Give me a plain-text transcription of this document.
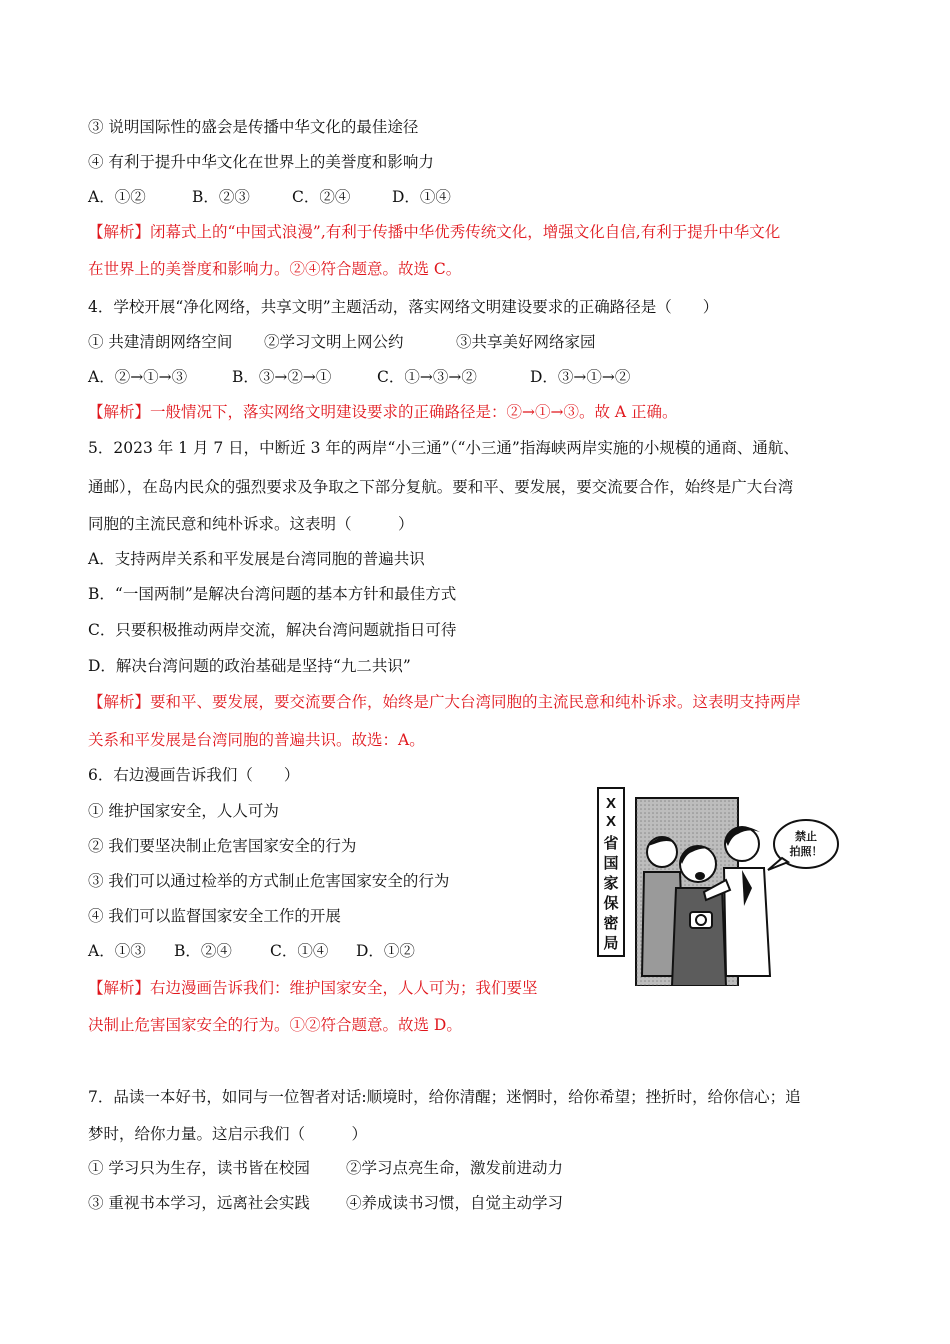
③ 说明国际性的盛会是传播中华文化的最佳途径
④ 有利于提升中华文化在世界上的美誉度和影响力
A．①②	B．②③	C．②④	D．①④
【解析】闭幕式上的“中国式浪漫”,有利于传播中华优秀传统文化，增强文化自信,有利于提升中华文化
在世界上的美誉度和影响力。②④符合题意。故选 C。
4．学校开展“净化网络，共享文明”主题活动，落实网络文明建设要求的正确路径是（　　）
① 共建清朗网络空间 ②学习文明上网公约	③共享美好网络家园
A．②→①→③	B．③→②→①	C．①→③→②	D．③→①→②
【解析】一般情况下，落实网络文明建设要求的正确路径是：②→①→③。故 A 正确。
5．2023 年 1 月 7 日，中断近 3 年的两岸“小三通”（“小三通”指海峡两岸实施的小规模的通商、通航、
通邮），在岛内民众的强烈要求及争取之下部分复航。要和平、要发展，要交流要合作，始终是广大台湾
同胞的主流民意和纯朴诉求。这表明（　　　）
A．支持两岸关系和平发展是台湾同胞的普遍共识
B．“一国两制”是解决台湾问题的基本方针和最佳方式
C．只要积极推动两岸交流，解决台湾问题就指日可待
D．解决台湾问题的政治基础是坚持“九二共识”
【解析】要和平、要发展，要交流要合作，始终是广大台湾同胞的主流民意和纯朴诉求。这表明支持两岸
关系和平发展是台湾同胞的普遍共识。故选：A。
6．右边漫画告诉我们（　　）
① 维护国家安全，人人可为
② 我们要坚决制止危害国家安全的行为
③ 我们可以通过检举的方式制止危害国家安全的行为
④ 我们可以监督国家安全工作的开展
A．①③ B．②④ C．①④ D．①②
【解析】右边漫画告诉我们：维护国家安全，人人可为；我们要坚
决制止危害国家安全的行为。①②符合题意。故选 D。
X
X
省
国
家
保
密
局
禁止
拍照！
7．品读一本好书，如同与一位智者对话:顺境时，给你清醒；迷惘时，给你希望；挫折时，给你信心；追
梦时，给你力量。这启示我们（　　　）
① 学习只为生存，读书皆在校园 ②学习点亮生命，激发前进动力
③ 重视书本学习，远离社会实践 ④养成读书习惯，自觉主动学习
